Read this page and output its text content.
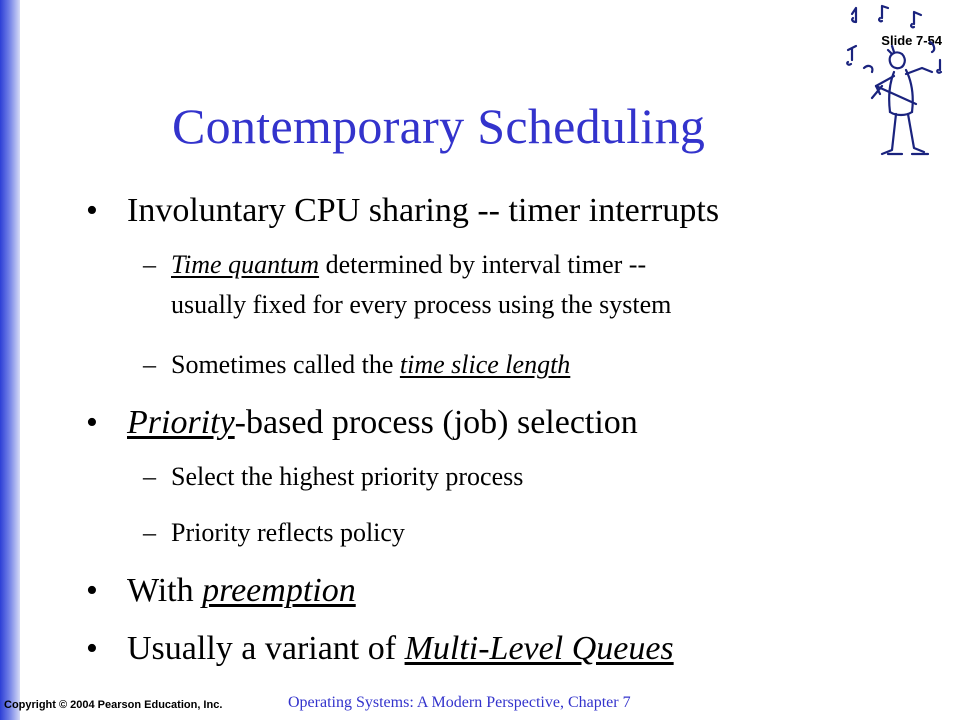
Slide 7-54
Contemporary Scheduling
• Involuntary CPU sharing -- timer interrupts
– Time quantum determined by interval timer --
usually fixed for every process using the system
– Sometimes called the time slice length
• Priority-based process (job) selection
– Select the highest priority process
– Priority reflects policy
• With preemption
• Usually a variant of Multi-Level Queues
Copyright © 2004 Pearson Education, Inc.	Operating Systems: A Modern Perspective, Chapter 7
